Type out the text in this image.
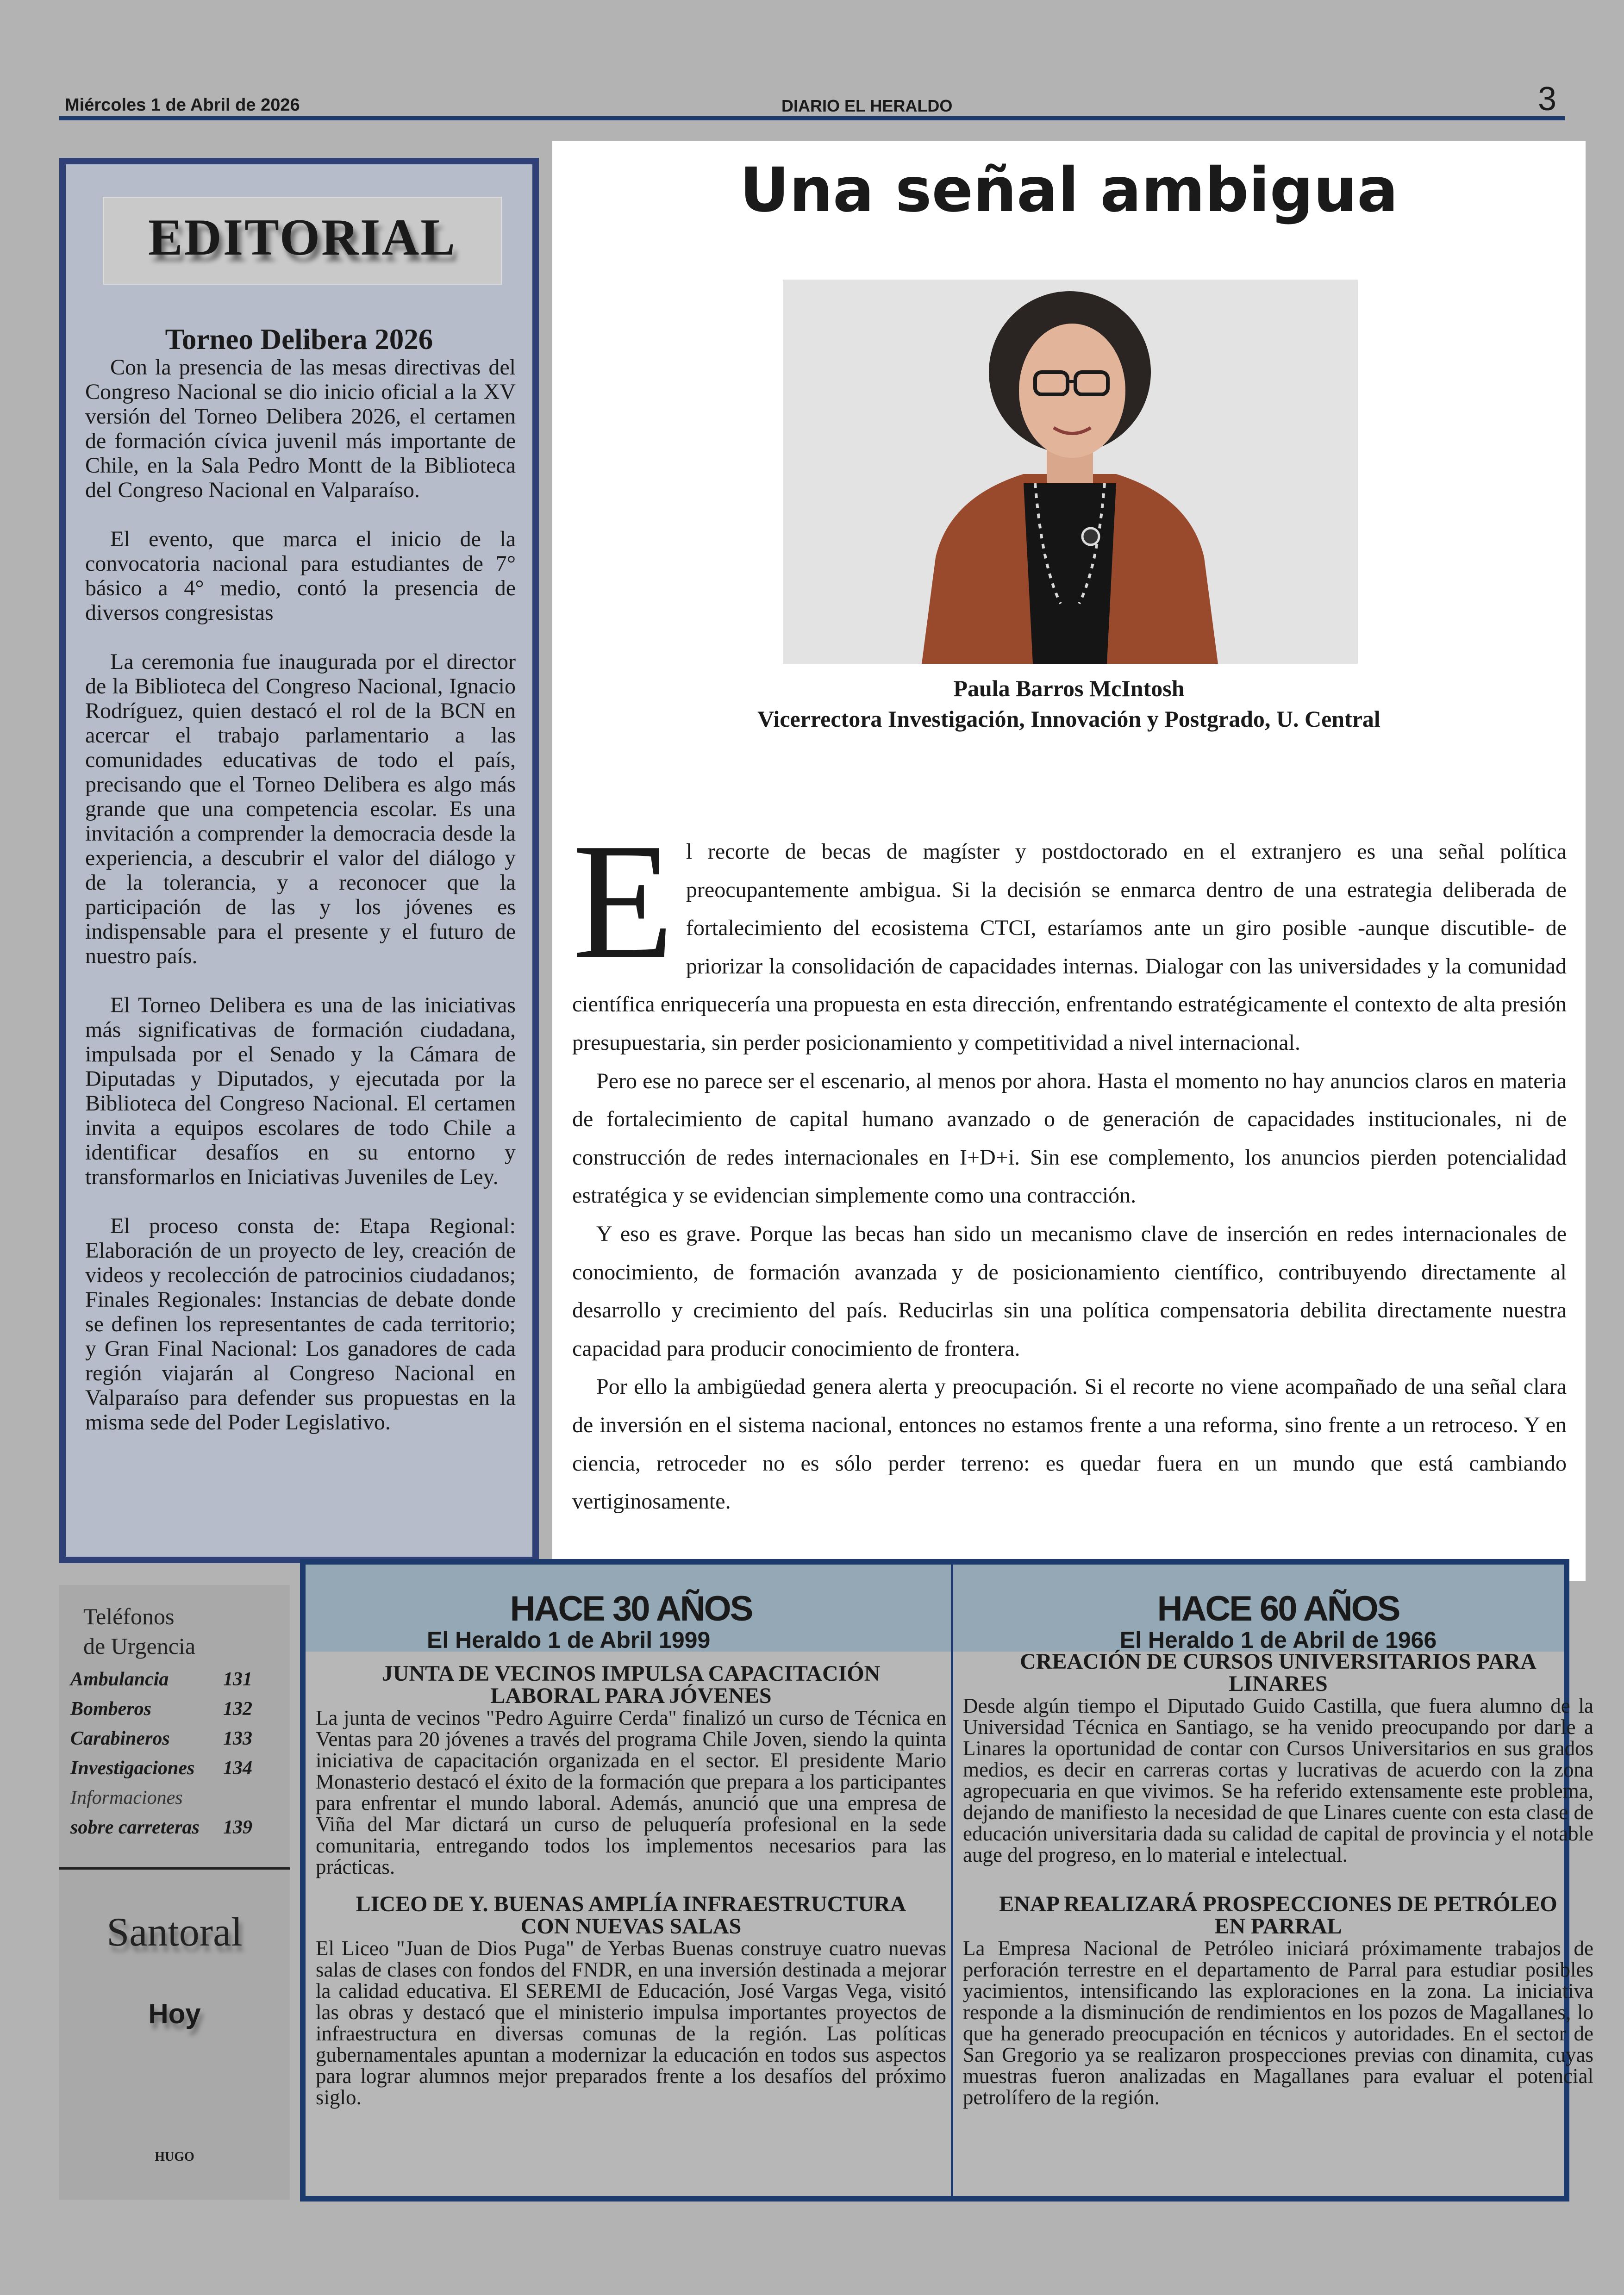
Miércoles 1 de Abril de 2026	DIARIO EL HERALDO	3
EDITORIAL
Torneo Delibera 2026

Con la presencia de las mesas directivas del Congreso Nacional se dio inicio oficial a la XV versión del Torneo Delibera 2026, el certamen de formación cívica juvenil más importante de Chile, en la Sala Pedro Montt de la Biblioteca del Congreso Nacional en Valparaíso.

El evento, que marca el inicio de la convocatoria nacional para estudiantes de 7° básico a 4° medio, contó la presencia de diversos congresistas

La ceremonia fue inaugurada por el director de la Biblioteca del Congreso Nacional, Ignacio Rodríguez, quien destacó el rol de la BCN en acercar el trabajo parlamentario a las comunidades educativas de todo el país, precisando que el Torneo Delibera es algo más grande que una competencia escolar. Es una invitación a comprender la democracia desde la experiencia, a descubrir el valor del diálogo y de la tolerancia, y a reconocer que la participación de las y los jóvenes es indispensable para el presente y el futuro de nuestro país.

El Torneo Delibera es una de las iniciativas más significativas de formación ciudadana, impulsada por el Senado y la Cámara de Diputadas y Diputados, y ejecutada por la Biblioteca del Congreso Nacional. El certamen invita a equipos escolares de todo Chile a identificar desafíos en su entorno y transformarlos en Iniciativas Juveniles de Ley.

El proceso consta de: Etapa Regional: Elaboración de un proyecto de ley, creación de videos y recolección de patrocinios ciudadanos; Finales Regionales: Instancias de debate donde se definen los representantes de cada territorio; y Gran Final Nacional: Los ganadores de cada región viajarán al Congreso Nacional en Valparaíso para defender sus propuestas en la misma sede del Poder Legislativo.

Una señal ambigua
Paula Barros McIntosh
Vicerrectora Investigación, Innovación y Postgrado, U. Central

El recorte de becas de magíster y postdoctorado en el extranjero es una señal política preocupantemente ambigua. Si la decisión se enmarca dentro de una estrategia deliberada de fortalecimiento del ecosistema CTCI, estaríamos ante un giro posible -aunque discutible- de priorizar la consolidación de capacidades internas. Dialogar con las universidades y la comunidad científica enriquecería una propuesta en esta dirección, enfrentando estratégicamente el contexto de alta presión presupuestaria, sin perder posicionamiento y competitividad a nivel internacional.

Pero ese no parece ser el escenario, al menos por ahora. Hasta el momento no hay anuncios claros en materia de fortalecimiento de capital humano avanzado o de generación de capacidades institucionales, ni de construcción de redes internacionales en I+D+i. Sin ese complemento, los anuncios pierden potencialidad estratégica y se evidencian simplemente como una contracción.

Y eso es grave. Porque las becas han sido un mecanismo clave de inserción en redes internacionales de conocimiento, de formación avanzada y de posicionamiento científico, contribuyendo directamente al desarrollo y crecimiento del país. Reducirlas sin una política compensatoria debilita directamente nuestra capacidad para producir conocimiento de frontera.

Por ello la ambigüedad genera alerta y preocupación. Si el recorte no viene acompañado de una señal clara de inversión en el sistema nacional, entonces no estamos frente a una reforma, sino frente a un retroceso. Y en ciencia, retroceder no es sólo perder terreno: es quedar fuera en un mundo que está cambiando vertiginosamente.

Teléfonos
de Urgencia
Ambulancia	131
Bomberos	132
Carabineros	133
Investigaciones 134
Informaciones
sobre carreteras 139
Santoral
Hoy
HUGO
HACE 30 AÑOS
El Heraldo 1 de Abril 1999
JUNTA DE VECINOS IMPULSA CAPACITACIÓN LABORAL PARA JÓVENES
La junta de vecinos "Pedro Aguirre Cerda" finalizó un curso de Técnica en Ventas para 20 jóvenes a través del programa Chile Joven, siendo la quinta iniciativa de capacitación organizada en el sector. El presidente Mario Monasterio destacó el éxito de la formación que prepara a los participantes para enfrentar el mundo laboral. Además, anunció que una empresa de Viña del Mar dictará un curso de peluquería profesional en la sede comunitaria, entregando todos los implementos necesarios para las prácticas.
LICEO DE Y. BUENAS AMPLÍA INFRAESTRUCTURA CON NUEVAS SALAS
El Liceo "Juan de Dios Puga" de Yerbas Buenas construye cuatro nuevas salas de clases con fondos del FNDR, en una inversión destinada a mejorar la calidad educativa. El SEREMI de Educación, José Vargas Vega, visitó las obras y destacó que el ministerio impulsa importantes proyectos de infraestructura en diversas comunas de la región. Las políticas gubernamentales apuntan a modernizar la educación en todos sus aspectos para lograr alumnos mejor preparados frente a los desafíos del próximo siglo.
HACE 60 AÑOS
El Heraldo 1 de Abril de 1966
CREACIÓN DE CURSOS UNIVERSITARIOS PARA LINARES
Desde algún tiempo el Diputado Guido Castilla, que fuera alumno de la Universidad Técnica en Santiago, se ha venido preocupando por darle a Linares la oportunidad de contar con Cursos Universitarios en sus grados medios, es decir en carreras cortas y lucrativas de acuerdo con la zona agropecuaria en que vivimos. Se ha referido extensamente este problema, dejando de manifiesto la necesidad de que Linares cuente con esta clase de educación universitaria dada su calidad de capital de provincia y el notable auge del progreso, en lo material e intelectual.
ENAP REALIZARÁ PROSPECCIONES DE PETRÓLEO EN PARRAL
La Empresa Nacional de Petróleo iniciará próximamente trabajos de perforación terrestre en el departamento de Parral para estudiar posibles yacimientos, intensificando las exploraciones en la zona. La iniciativa responde a la disminución de rendimientos en los pozos de Magallanes, lo que ha generado preocupación en técnicos y autoridades. En el sector de San Gregorio ya se realizaron prospecciones previas con dinamita, cuyas muestras fueron analizadas en Magallanes para evaluar el potencial petrolífero de la región.
